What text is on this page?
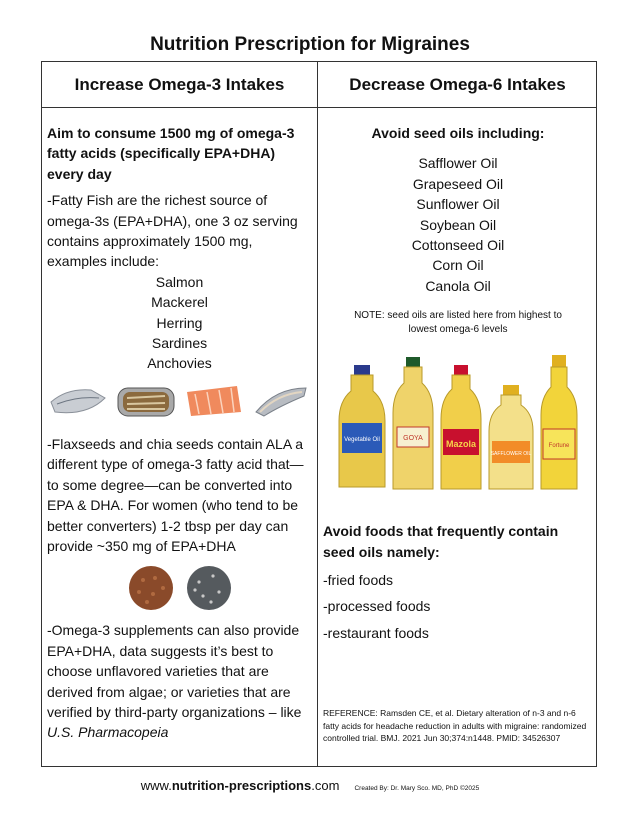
Nutrition Prescription for Migraines
Increase Omega-3 Intakes	Decrease Omega-6 Intakes

Aim to consume 1500 mg of omega-3 fatty acids (specifically EPA+DHA) every day

-Fatty Fish are the richest source of omega-3s (EPA+DHA), one 3 oz serving contains approximately 1500 mg, examples include:

Salmon
Mackerel
Herring
Sardines
Anchovies

-Flaxseeds and chia seeds contain ALA a different type of omega-3 fatty acid that—to some degree—can be converted into EPA & DHA. For women (who tend to be better converters) 1-2 tbsp per day can provide ~350 mg of EPA+DHA

-Omega-3 supplements can also provide EPA+DHA, data suggests it’s best to choose unflavored varieties that are derived from algae; or varieties that are verified by third-party organizations – like U.S. Pharmacopeia

Avoid seed oils including:

Safflower Oil
Grapeseed Oil
Sunflower Oil
Soybean Oil
Cottonseed Oil
Corn Oil
Canola Oil

NOTE: seed oils are listed here from highest to lowest omega-6 levels

Vegetable Oil	GOYA
Mazola
SAFFLOWER OIL
Fortune

Avoid foods that frequently contain seed oils namely:

-fried foods

-processed foods

-restaurant foods

REFERENCE: Ramsden CE, et al. Dietary alteration of n-3 and n-6 fatty acids for headache reduction in adults with migraine: randomized controlled trial. BMJ. 2021 Jun 30;374:n1448. PMID: 34526307

www.nutrition-prescriptions.com Created By: Dr. Mary Sco. MD, PhD ©2025
